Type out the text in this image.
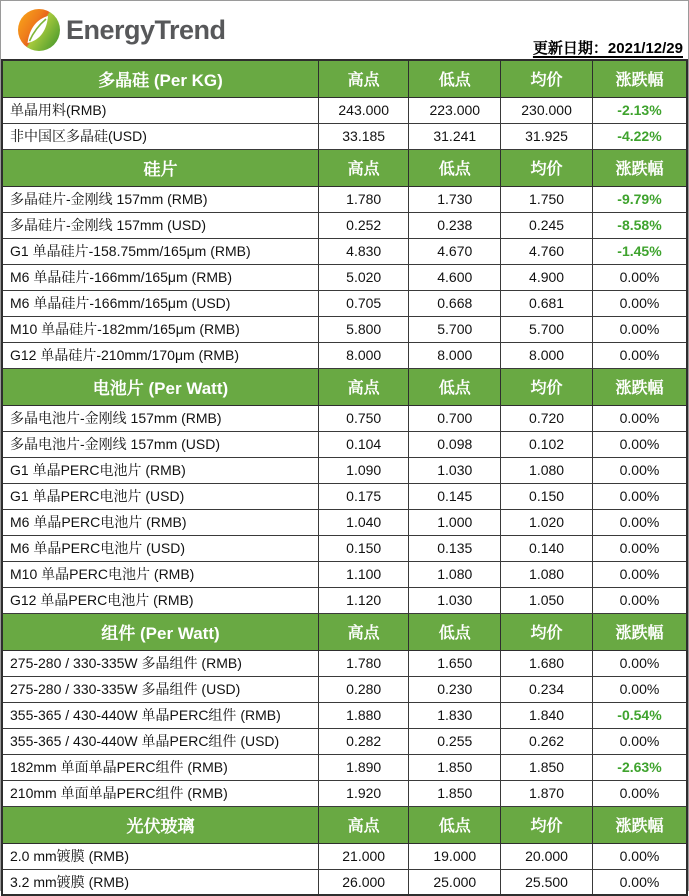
EnergyTrend
更新日期：2021/12/29
多晶硅 (Per KG)	高点	低点	均价	涨跌幅
单晶用料(RMB)	243.000	223.000	230.000	-2.13%
非中国区多晶硅(USD)	33.185	31.241	31.925	-4.22%
硅片	高点	低点	均价	涨跌幅
多晶硅片-金刚线 157mm (RMB)	1.780	1.730	1.750	-9.79%
多晶硅片-金刚线 157mm (USD)	0.252	0.238	0.245	-8.58%
G1 单晶硅片-158.75mm/165μm (RMB)	4.830	4.670	4.760	-1.45%
M6 单晶硅片-166mm/165μm (RMB)	5.020	4.600	4.900	0.00%
M6 单晶硅片-166mm/165μm (USD)	0.705	0.668	0.681	0.00%
M10 单晶硅片-182mm/165μm (RMB)	5.800	5.700	5.700	0.00%
G12 单晶硅片-210mm/170μm (RMB)	8.000	8.000	8.000	0.00%
电池片 (Per Watt)	高点	低点	均价	涨跌幅
多晶电池片-金刚线 157mm (RMB)	0.750	0.700	0.720	0.00%
多晶电池片-金刚线 157mm (USD)	0.104	0.098	0.102	0.00%
G1 单晶PERC电池片 (RMB)	1.090	1.030	1.080	0.00%
G1 单晶PERC电池片 (USD)	0.175	0.145	0.150	0.00%
M6 单晶PERC电池片 (RMB)	1.040	1.000	1.020	0.00%
M6 单晶PERC电池片 (USD)	0.150	0.135	0.140	0.00%
M10 单晶PERC电池片 (RMB)	1.100	1.080	1.080	0.00%
G12 单晶PERC电池片 (RMB)	1.120	1.030	1.050	0.00%
组件 (Per Watt)	高点	低点	均价	涨跌幅
275-280 / 330-335W 多晶组件 (RMB)	1.780	1.650	1.680	0.00%
275-280 / 330-335W 多晶组件 (USD)	0.280	0.230	0.234	0.00%
355-365 / 430-440W 单晶PERC组件 (RMB)	1.880	1.830	1.840	-0.54%
355-365 / 430-440W 单晶PERC组件 (USD)	0.282	0.255	0.262	0.00%
182mm 单面单晶PERC组件 (RMB)	1.890	1.850	1.850	-2.63%
210mm 单面单晶PERC组件 (RMB)	1.920	1.850	1.870	0.00%
光伏玻璃	高点	低点	均价	涨跌幅
2.0 mm镀膜 (RMB)	21.000	19.000	20.000	0.00%
3.2 mm镀膜 (RMB)	26.000	25.000	25.500	0.00%
